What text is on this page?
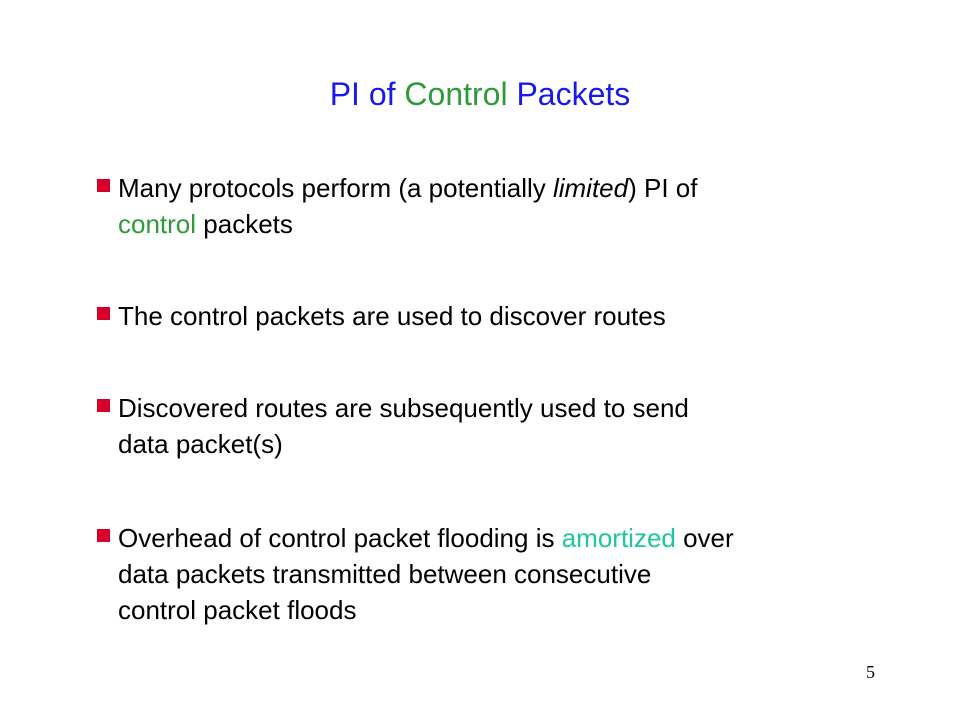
PI of Control Packets
Many protocols perform (a potentially limited) PI of
control packets
The control packets are used to discover routes
Discovered routes are subsequently used to send
data packet(s)
Overhead of control packet flooding is amortized over
data packets transmitted between consecutive
control packet floods
5
